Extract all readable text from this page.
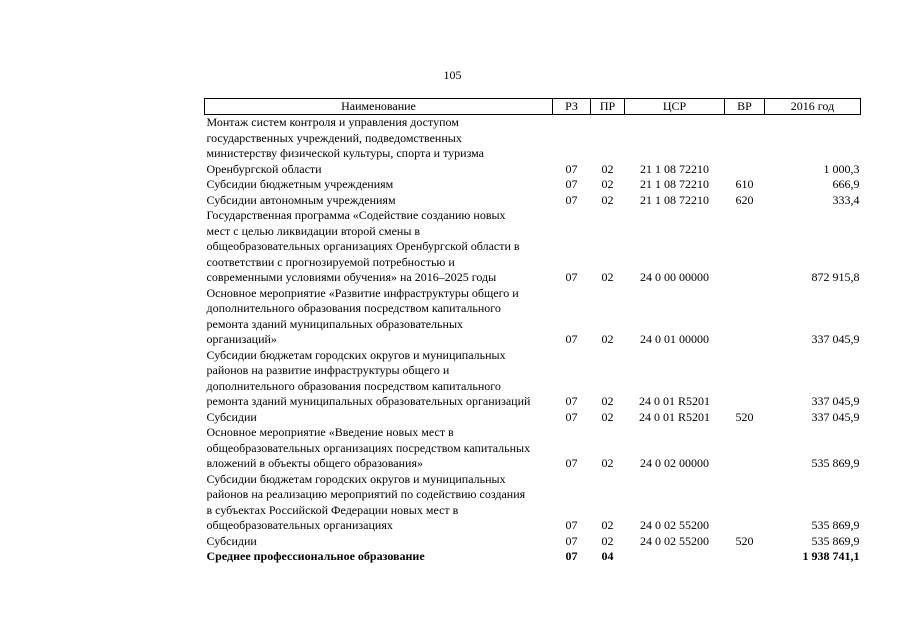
105
Наименование	РЗ	ПР	ЦСР	ВР	2016 год

Монтаж систем контроля и управления доступом
государственных учреждений, подведомственных
министерству физической культуры, спорта и туризма
Оренбургской области	07	02	21 1 08 72210		1 000,3

Субсидии бюджетным учреждениям	07	02	21 1 08 72210	610	666,9

Субсидии автономным учреждениям	07	02	21 1 08 72210	620	333,4

Государственная программа «Содействие созданию новых
мест с целью ликвидации второй смены в
общеобразовательных организациях Оренбургской области в
соответствии с прогнозируемой потребностью и
современными условиями обучения» на 2016–2025 годы	07	02	24 0 00 00000		872 915,8

Основное мероприятие «Развитие инфраструктуры общего и
дополнительного образования посредством капитального
ремонта зданий муниципальных образовательных
организаций»	07	02	24 0 01 00000		337 045,9

Субсидии бюджетам городских округов и муниципальных
районов на развитие инфраструктуры общего и
дополнительного образования посредством капитального
ремонта зданий муниципальных образовательных организаций	07	02	24 0 01 R5201		337 045,9

Субсидии	07	02	24 0 01 R5201	520	337 045,9

Основное мероприятие «Введение новых мест в
общеобразовательных организациях посредством капитальных
вложений в объекты общего образования»	07	02	24 0 02 00000		535 869,9

Субсидии бюджетам городских округов и муниципальных
районов на реализацию мероприятий по содействию создания
в субъектах Российской Федерации новых мест в
общеобразовательных организациях	07	02	24 0 02 55200		535 869,9

Субсидии	07	02	24 0 02 55200	520	535 869,9

Среднее профессиональное образование	07	04			1 938 741,1
